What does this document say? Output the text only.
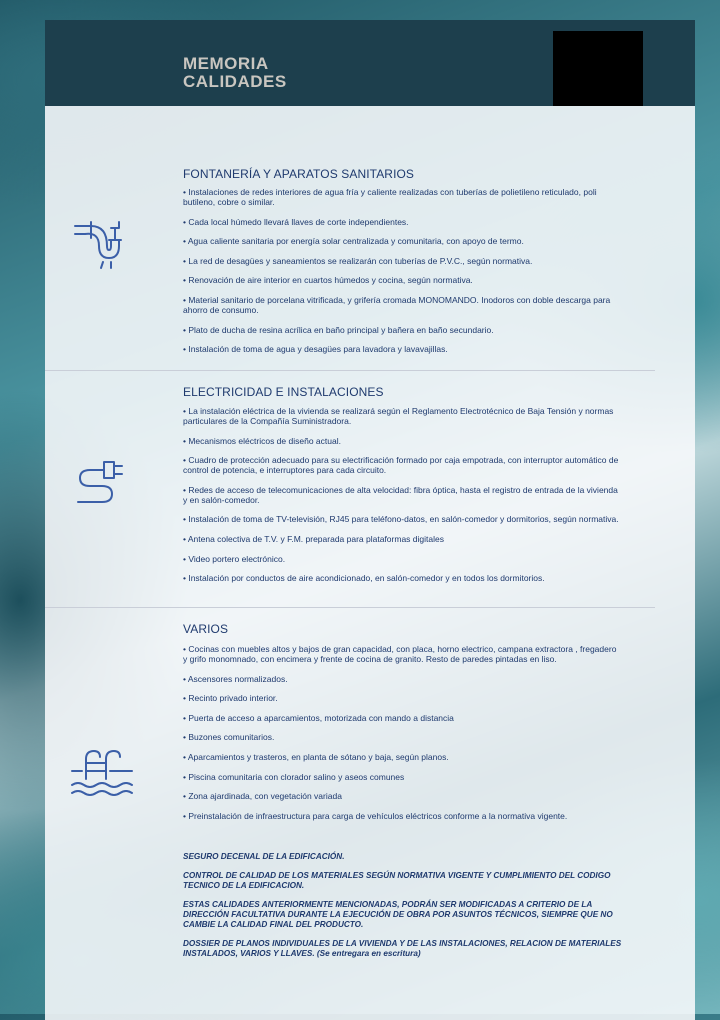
MEMORIA
CALIDADES
FONTANERÍA Y APARATOS SANITARIOS
• Instalaciones de redes interiores de agua fría y caliente realizadas con tuberías de polietileno reticulado, poli butileno, cobre o similar.
• Cada local húmedo llevará llaves de corte independientes.
• Agua caliente sanitaria por energía solar centralizada y comunitaria, con apoyo de termo.
• La red de desagües y saneamientos se realizarán con tuberías de P.V.C., según normativa.
• Renovación de aire interior en cuartos húmedos y cocina, según normativa.
• Material sanitario de porcelana vitrificada, y grifería cromada MONOMANDO. Inodoros con doble descarga para ahorro de consumo.
• Plato de ducha de resina acrílica en baño principal y bañera en baño secundario.
• Instalación de toma de agua y desagües para lavadora y lavavajillas.
ELECTRICIDAD E INSTALACIONES
• La instalación eléctrica de la vivienda se realizará según el Reglamento Electrotécnico de Baja Tensión y normas particulares de la Compañía Suministradora.
• Mecanismos eléctricos de diseño actual.
• Cuadro de protección adecuado para su electrificación formado por caja empotrada, con interruptor automático de control de potencia, e interruptores para cada circuito.
• Redes de acceso de telecomunicaciones de alta velocidad: fibra óptica, hasta el registro de entrada de la vivienda y en salón-comedor.
• Instalación de toma de TV-televisión, RJ45 para teléfono-datos, en salón-comedor y dormitorios, según normativa.
• Antena colectiva de T.V. y F.M. preparada para plataformas digitales
• Video portero electrónico.
• Instalación por conductos de aire acondicionado, en salón-comedor y en todos los dormitorios.
VARIOS
• Cocinas con muebles altos y bajos de gran capacidad, con placa, horno electrico, campana extractora , fregadero y grifo monomnado, con encimera y frente de cocina de granito. Resto de paredes pintadas en liso.
• Ascensores normalizados.
• Recinto privado interior.
• Puerta de acceso a aparcamientos, motorizada con mando a distancia
• Buzones comunitarios.
• Aparcamientos y trasteros, en planta de sótano y baja, según planos.
• Piscina comunitaria con clorador salino y aseos comunes
• Zona ajardinada, con vegetación variada
• Preinstalación de infraestructura para carga de vehículos eléctricos conforme a la normativa vigente.

SEGURO DECENAL DE LA EDIFICACIÓN.

CONTROL DE CALIDAD DE LOS MATERIALES SEGÚN NORMATIVA VIGENTE Y CUMPLIMIENTO DEL CODIGO TECNICO DE LA EDIFICACION.

ESTAS CALIDADES ANTERIORMENTE MENCIONADAS, PODRÁN SER MODIFICADAS A CRITERIO DE LA DIRECCIÓN FACULTATIVA DURANTE LA EJECUCIÓN DE OBRA POR ASUNTOS TÉCNICOS, SIEMPRE QUE NO CAMBIE LA CALIDAD FINAL DEL PRODUCTO.

DOSSIER DE PLANOS INDIVIDUALES DE LA VIVIENDA Y DE LAS INSTALACIONES, RELACION DE MATERIALES INSTALADOS, VARIOS Y LLAVES. (Se entregara en escritura)
